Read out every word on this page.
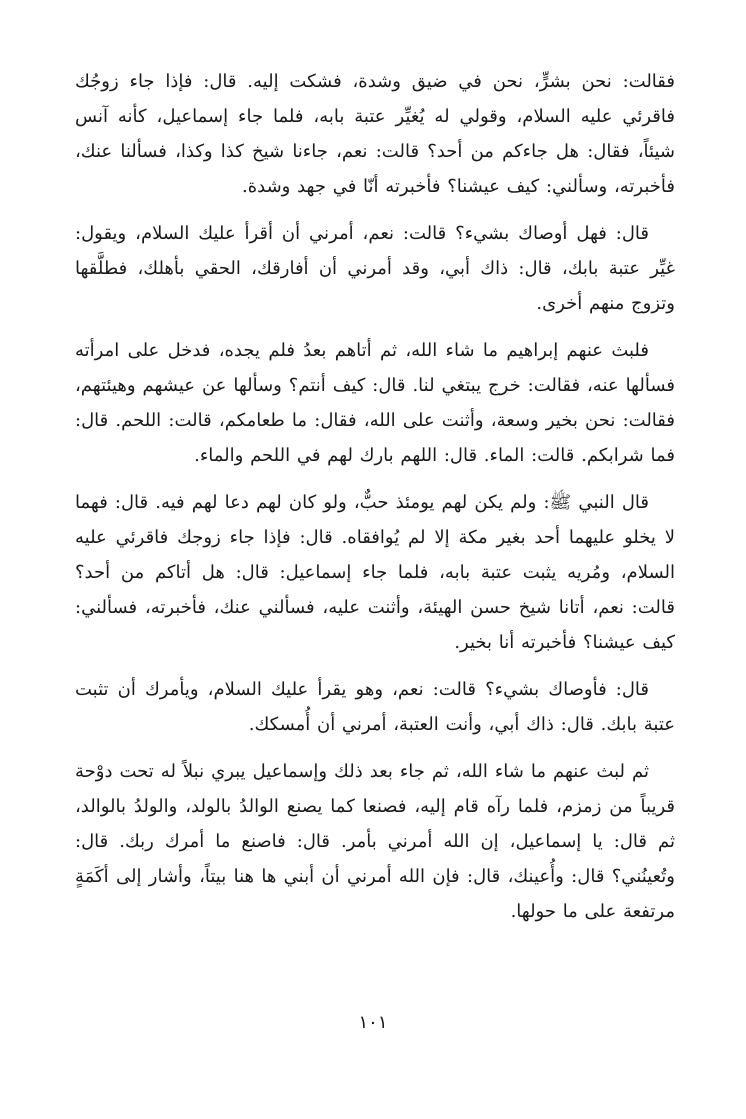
فقالت: نحن بشرٍّ، نحن في ضيق وشدة، فشكت إليه. قال: فإذا جاء زوجُك فاقرئي عليه السلام، وقولي له يُغيِّر عتبة بابه، فلما جاء إسماعيل، كأنه آنس شيئاً، فقال: هل جاءكم من أحد؟ قالت: نعم، جاءنا شيخ كذا وكذا، فسألنا عنك، فأخبرته، وسألني: كيف عيشنا؟ فأخبرته أنّا في جهد وشدة.

قال: فهل أوصاك بشيء؟ قالت: نعم، أمرني أن أقرأ عليك السلام، ويقول: غيِّر عتبة بابك، قال: ذاك أبي، وقد أمرني أن أفارقك، الحقي بأهلك، فطلَّقها وتزوج منهم أخرى.

فلبث عنهم إبراهيم ما شاء الله، ثم أتاهم بعدُ فلم يجده، فدخل على امرأته فسألها عنه، فقالت: خرج يبتغي لنا. قال: كيف أنتم؟ وسألها عن عيشهم وهيئتهم، فقالت: نحن بخير وسعة، وأثنت على الله، فقال: ما طعامكم، قالت: اللحم. قال: فما شرابكم. قالت: الماء. قال: اللهم بارك لهم في اللحم والماء.

قال النبي ﷺ: ولم يكن لهم يومئذ حبٌّ، ولو كان لهم دعا لهم فيه. قال: فهما لا يخلو عليهما أحد بغير مكة إلا لم يُوافقاه. قال: فإذا جاء زوجك فاقرئي عليه السلام، ومُريه يثبت عتبة بابه، فلما جاء إسماعيل: قال: هل أتاكم من أحد؟ قالت: نعم، أتانا شيخ حسن الهيئة، وأثنت عليه، فسألني عنك، فأخبرته، فسألني: كيف عيشنا؟ فأخبرته أنا بخير.

قال: فأوصاك بشيء؟ قالت: نعم، وهو يقرأ عليك السلام، ويأمرك أن تثبت عتبة بابك. قال: ذاك أبي، وأنت العتبة، أمرني أن أُمسكك.

ثم لبث عنهم ما شاء الله، ثم جاء بعد ذلك وإسماعيل يبري نبلاً له تحت دوْحة قريباً من زمزم، فلما رآه قام إليه، فصنعا كما يصنع الوالدُ بالولد، والولدُ بالوالد، ثم قال: يا إسماعيل، إن الله أمرني بأمر. قال: فاصنع ما أمرك ربك. قال: وتُعينُني؟ قال: وأُعينك، قال: فإن الله أمرني أن أبني ها هنا بيتاً، وأشار إلى أكَمَةٍ مرتفعة على ما حولها.

١٠١
